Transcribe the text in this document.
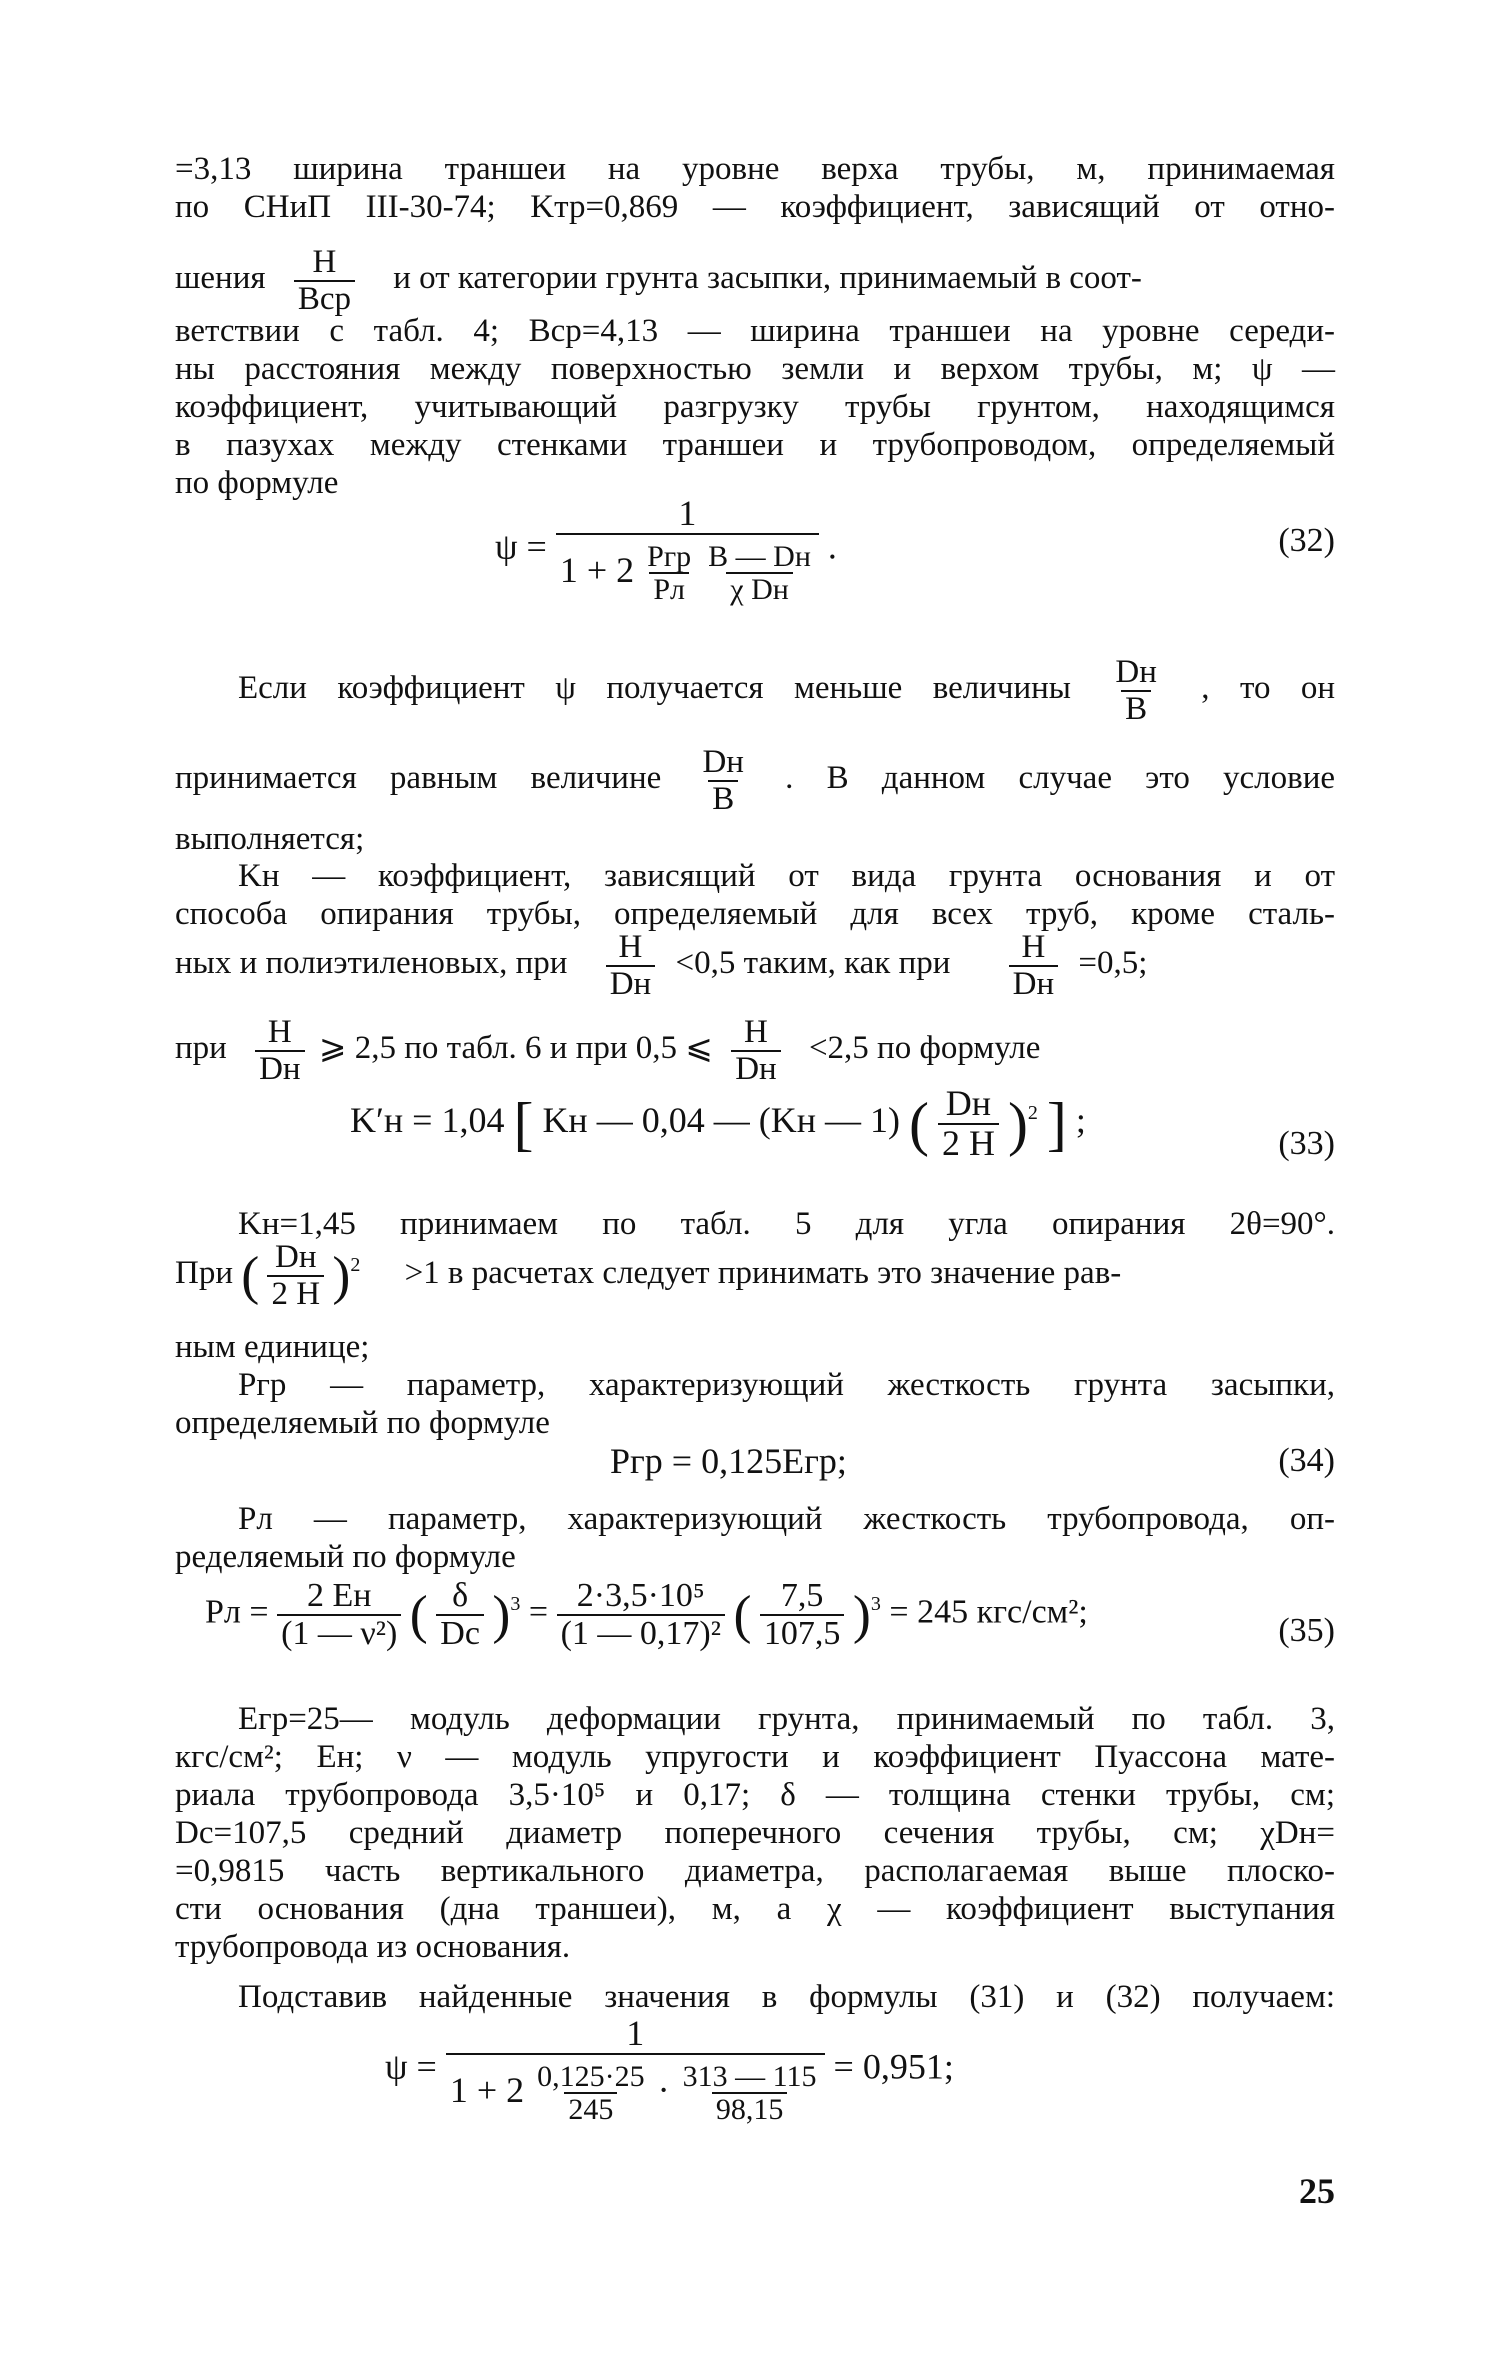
=3,13 ширина траншеи на уровне верха трубы, м, принимаемая
по СНиП III-30-74; Kтр=0,869 — коэффициент, зависящий от отно-
шения $\frac{H}{\text{Bср}}$ и от категории грунта засыпки, принимаемый в соот-
ветствии с табл. 4; Bср=4,13 — ширина траншеи на уровне середи-
ны расстояния между поверхностью земли и верхом трубы, м; ψ —
коэффициент, учитывающий разгрузку трубы грунтом, находящимся
в пазухах между стенками траншеи и трубопроводом, определяемый
по формуле
ψ =
1
$1 + 2 \frac{\text{Pгр}}{Pл}$
$\frac{B — Dн}{\text{χ Dн}}$ .	(32)
Если коэффициент ψ получается меньше величины $\frac{Dн}{B}$ , то он
принимается равным величине $\frac{Dн}{B}$ . В данном случае это условие
выполняется;
Kн — коэффициент, зависящий от вида грунта основания и от
способа опирания трубы, определяемый для всех труб, кроме сталь-
ных и полиэтиленовых, при $\frac{H}{Dн} <0,5$ таким, как при $\frac{H}{Dн} =0,5$;
при $\frac{H}{Dн}$ ⩾ 2,5 по табл. 6 и при 0,5 ⩽ $\frac{H}{Dн} <2,5$ по формуле
K′н = 1,04 [ Kн — 0,04 — (Kн — 1) ( $\frac{Dн}{2 H} )^2$ ] ;
(33)
Kн=1,45 принимаем по табл. 5 для угла опирания 2θ=90°.
При ( $\frac{Dн}{2 H} )^2 >1$ в расчетах следует принимать это значение рав-
ным единице;
Pгр — параметр, характеризующий жесткость грунта засыпки,
определяемый по формуле
Pгр = 0,125Eгр;	(34)
Pл — параметр, характеризующий жесткость трубопровода, оп-
ределяемый по формуле
Pл = $\frac{2 Eн}{\text{(1 — ν²)}}$ ( $\frac{\delta}{Dс} )^3 = \frac{\text{2·3,5·10⁵}}{\text{(1 — 0,17)²}}$ ( $\frac{7,5}{107,5} )^3 = 245$ кгс/см²;
(35)
Eгр=25— модуль деформации грунта, принимаемый по табл. 3,
кгс/см²; Eн; ν — модуль упругости и коэффициент Пуассона мате-
риала трубопровода 3,5·10⁵ и 0,17; δ — толщина стенки трубы, см;
Dс=107,5 средний диаметр поперечного сечения трубы, см; χDн=
=0,9815 часть вертикального диаметра, располагаемая выше плоско-
сти основания (дна траншеи), м, а χ — коэффициент выступания
трубопровода из основания.
Подставив найденные значения в формулы (31) и (32) получаем:
ψ =
1
$1 + 2 \frac{0,125\cdot 25}{245} \cdot \frac{313 — 115}{98,15} = 0,951$;
25
